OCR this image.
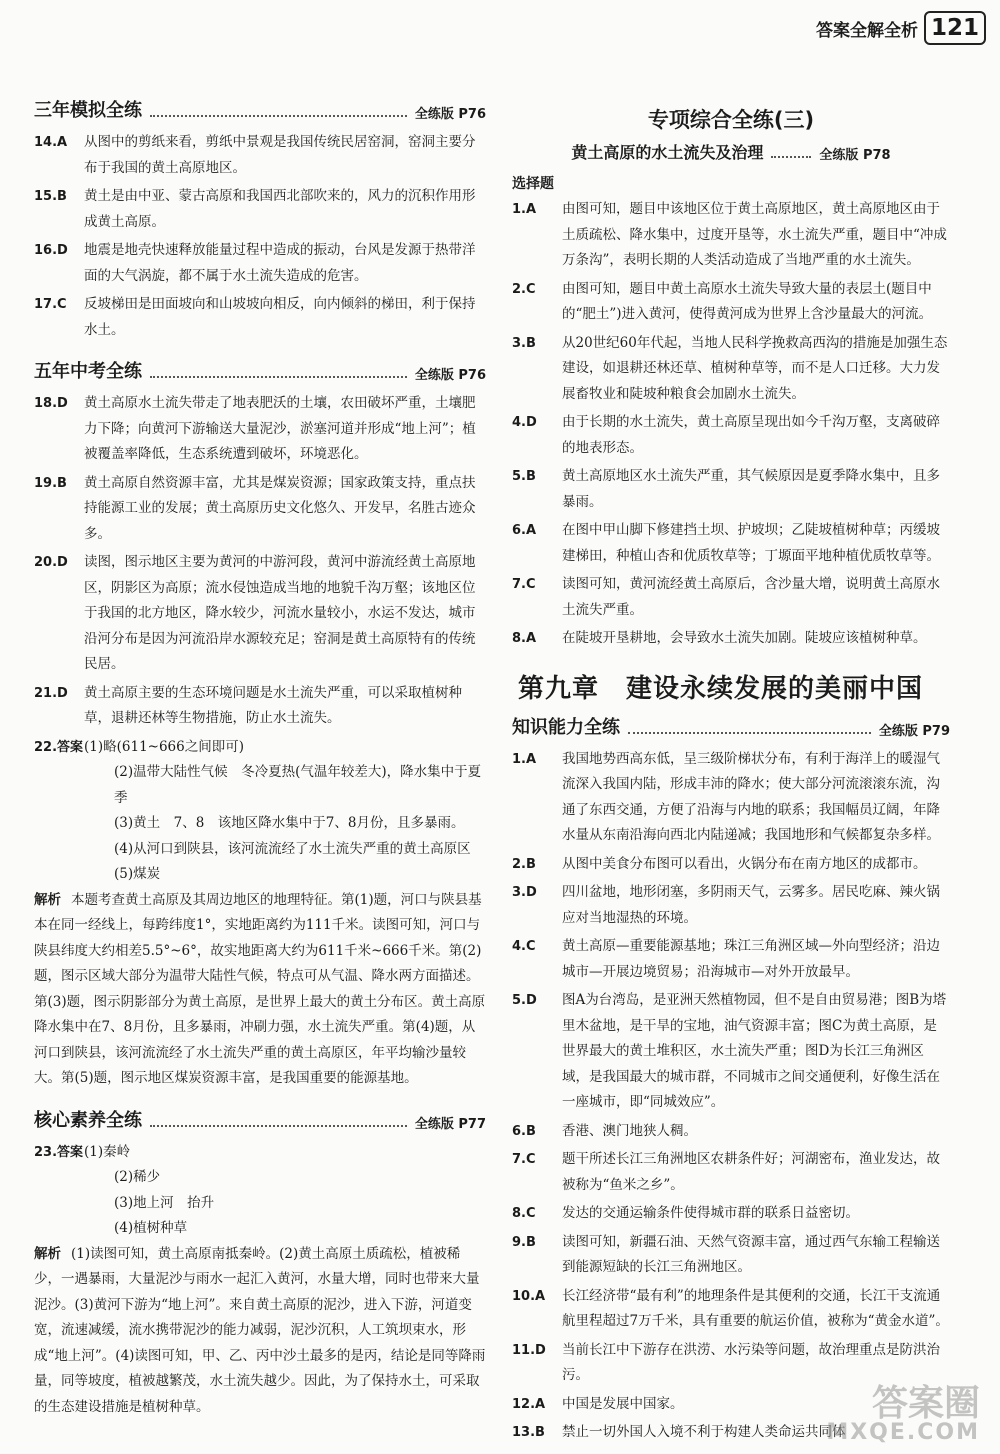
答案全解全析 121
三年模拟全练	全练版 P76
14.A 从图中的剪纸来看，剪纸中景观是我国传统民居窑洞，窑洞主要分布于我国的黄土高原地区。
15.B 黄土是由中亚、蒙古高原和我国西北部吹来的，风力的沉积作用形成黄土高原。
16.D 地震是地壳快速释放能量过程中造成的振动，台风是发源于热带洋面的大气涡旋，都不属于水土流失造成的危害。
17.C 反坡梯田是田面坡向和山坡坡向相反，向内倾斜的梯田，利于保持水土。
五年中考全练	全练版 P76
18.D 黄土高原水土流失带走了地表肥沃的土壤，农田破坏严重，土壤肥力下降；向黄河下游输送大量泥沙，淤塞河道并形成“地上河”；植被覆盖率降低，生态系统遭到破坏，环境恶化。
19.B 黄土高原自然资源丰富，尤其是煤炭资源；国家政策支持，重点扶持能源工业的发展；黄土高原历史文化悠久、开发早，名胜古迹众多。
20.D 读图，图示地区主要为黄河的中游河段，黄河中游流经黄土高原地区，阴影区为高原；流水侵蚀造成当地的地貌千沟万壑；该地区位于我国的北方地区，降水较少，河流水量较小，水运不发达，城市沿河分布是因为河流沿岸水源较充足；窑洞是黄土高原特有的传统民居。
21.D 黄土高原主要的生态环境问题是水土流失严重，可以采取植树种草，退耕还林等生物措施，防止水土流失。
22.答案 (1)略(611~666之间即可)
(2)温带大陆性气候　冬冷夏热(气温年较差大)，降水集中于夏季
(3)黄土　7、8　该地区降水集中于7、8月份，且多暴雨。
(4)从河口到陕县，该河流流经了水土流失严重的黄土高原区
(5)煤炭
解析 本题考查黄土高原及其周边地区的地理特征。第(1)题，河口与陕县基本在同一经线上，每跨纬度1°，实地距离约为111千米。读图可知，河口与陕县纬度大约相差5.5°~6°，故实地距离大约为611千米~666千米。第(2)题，图示区域大部分为温带大陆性气候，特点可从气温、降水两方面描述。第(3)题，图示阴影部分为黄土高原，是世界上最大的黄土分布区。黄土高原降水集中在7、8月份，且多暴雨，冲刷力强，水土流失严重。第(4)题，从河口到陕县，该河流流经了水土流失严重的黄土高原区，年平均输沙量较大。第(5)题，图示地区煤炭资源丰富，是我国重要的能源基地。
核心素养全练	全练版 P77
23.答案 (1)秦岭
(2)稀少
(3)地上河　抬升
(4)植树种草
解析 (1)读图可知，黄土高原南抵秦岭。(2)黄土高原土质疏松，植被稀少，一遇暴雨，大量泥沙与雨水一起汇入黄河，水量大增，同时也带来大量泥沙。(3)黄河下游为“地上河”。来自黄土高原的泥沙，进入下游，河道变宽，流速减缓，流水携带泥沙的能力减弱，泥沙沉积，人工筑坝束水，形成“地上河”。(4)读图可知，甲、乙、丙中沙土最多的是丙，结论是同等降雨量，同等坡度，植被越繁茂，水土流失越少。因此，为了保持水土，可采取的生态建设措施是植树种草。
专项综合全练(三)
黄土高原的水土流失及治理	全练版 P78
选择题
1.A 由图可知，题目中该地区位于黄土高原地区，黄土高原地区由于土质疏松、降水集中，过度开垦等，水土流失严重，题目中“冲成万条沟”，表明长期的人类活动造成了当地严重的水土流失。
2.C 由图可知，题目中黄土高原水土流失导致大量的表层土(题目中的“肥土”)进入黄河，使得黄河成为世界上含沙量最大的河流。
3.B 从20世纪60年代起，当地人民科学挽救高西沟的措施是加强生态建设，如退耕还林还草、植树种草等，而不是人口迁移。大力发展畜牧业和陡坡种粮食会加剧水土流失。
4.D 由于长期的水土流失，黄土高原呈现出如今千沟万壑，支离破碎的地表形态。
5.B 黄土高原地区水土流失严重，其气候原因是夏季降水集中，且多暴雨。
6.A 在图中甲山脚下修建挡土坝、护坡坝；乙陡坡植树种草；丙缓坡建梯田，种植山杏和优质牧草等；丁塬面平地种植优质牧草等。
7.C 读图可知，黄河流经黄土高原后，含沙量大增，说明黄土高原水土流失严重。
8.A 在陡坡开垦耕地，会导致水土流失加剧。陡坡应该植树种草。
第九章　建设永续发展的美丽中国
知识能力全练	全练版 P79
1.A 我国地势西高东低，呈三级阶梯状分布，有利于海洋上的暖湿气流深入我国内陆，形成丰沛的降水；使大部分河流滚滚东流，沟通了东西交通，方便了沿海与内地的联系；我国幅员辽阔，年降水量从东南沿海向西北内陆递减；我国地形和气候都复杂多样。
2.B 从图中美食分布图可以看出，火锅分布在南方地区的成都市。
3.D 四川盆地，地形闭塞，多阴雨天气，云雾多。居民吃麻、辣火锅应对当地湿热的环境。
4.C 黄土高原—重要能源基地；珠江三角洲区域—外向型经济；沿边城市—开展边境贸易；沿海城市—对外开放最早。
5.D 图A为台湾岛，是亚洲天然植物园，但不是自由贸易港；图B为塔里木盆地，是干旱的宝地，油气资源丰富；图C为黄土高原，是世界最大的黄土堆积区，水土流失严重；图D为长江三角洲区域，是我国最大的城市群，不同城市之间交通便利，好像生活在一座城市，即“同城效应”。
6.B 香港、澳门地狭人稠。
7.C 题干所述长江三角洲地区农耕条件好；河湖密布，渔业发达，故被称为“鱼米之乡”。
8.C 发达的交通运输条件使得城市群的联系日益密切。
9.B 读图可知，新疆石油、天然气资源丰富，通过西气东输工程输送到能源短缺的长江三角洲地区。
10.A 长江经济带“最有利”的地理条件是其便利的交通，长江干支流通航里程超过7万千米，具有重要的航运价值，被称为“黄金水道”。
11.D 当前长江中下游存在洪涝、水污染等问题，故治理重点是防洪治污。
12.A 中国是发展中国家。
13.B 禁止一切外国人入境不利于构建人类命运共同体
答案圈
MXQE.COM
